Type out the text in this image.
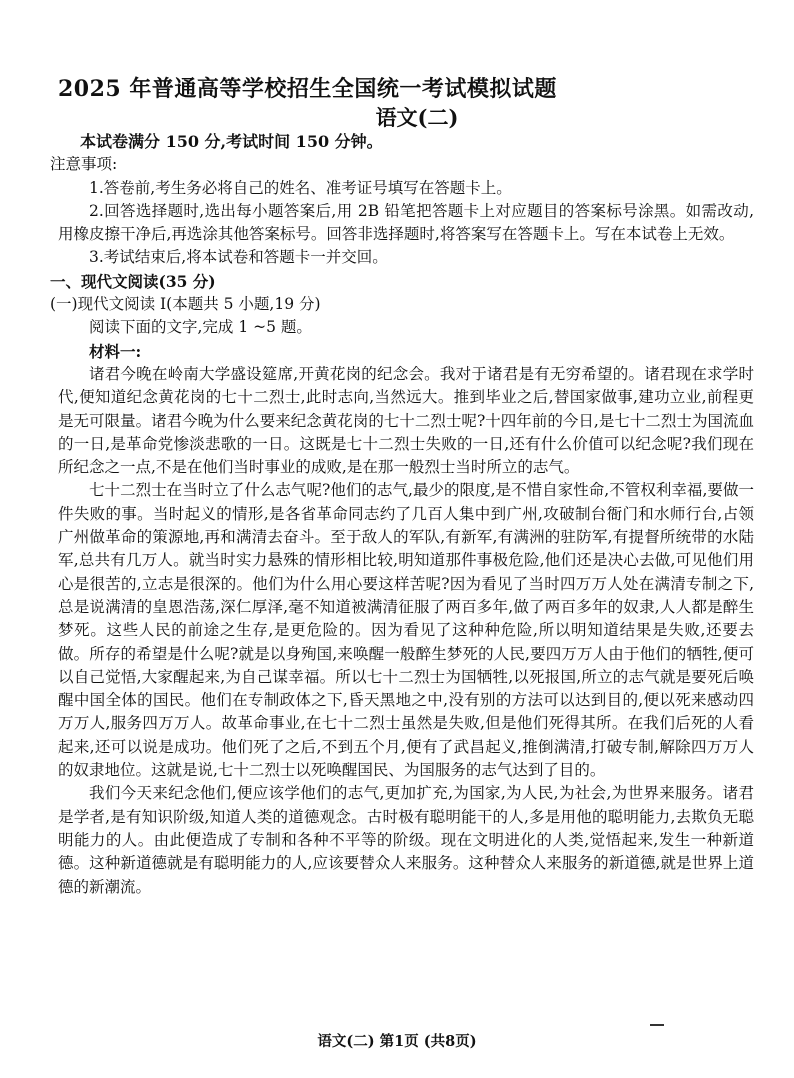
2025 年普通高等学校招生全国统一考试模拟试题
语文(二)

本试卷满分 150 分,考试时间 150 分钟。

注意事项:

1.答卷前,考生务必将自己的姓名、准考证号填写在答题卡上。

2.回答选择题时,选出每小题答案后,用 2B 铅笔把答题卡上对应题目的答案标号涂黑。如需改动,用橡皮擦干净后,再选涂其他答案标号。回答非选择题时,将答案写在答题卡上。写在本试卷上无效。

3.考试结束后,将本试卷和答题卡一并交回。

一、现代文阅读(35 分)

(一)现代文阅读 I(本题共 5 小题,19 分)

阅读下面的文字,完成 1 ~5 题。

材料一:

诸君今晚在岭南大学盛设筵席,开黄花岗的纪念会。我对于诸君是有无穷希望的。诸君现在求学时代,便知道纪念黄花岗的七十二烈士,此时志向,当然远大。推到毕业之后,替国家做事,建功立业,前程更是无可限量。诸君今晚为什么要来纪念黄花岗的七十二烈士呢?十四年前的今日,是七十二烈士为国流血的一日,是革命党惨淡悲歌的一日。这既是七十二烈士失败的一日,还有什么价值可以纪念呢?我们现在所纪念之一点,不是在他们当时事业的成败,是在那一般烈士当时所立的志气。

七十二烈士在当时立了什么志气呢?他们的志气,最少的限度,是不惜自家性命,不管权利幸福,要做一件失败的事。当时起义的情形,是各省革命同志约了几百人集中到广州,攻破制台衙门和水师行台,占领广州做革命的策源地,再和满清去奋斗。至于敌人的军队,有新军,有满洲的驻防军,有提督所统带的水陆军,总共有几万人。就当时实力悬殊的情形相比较,明知道那件事极危险,他们还是决心去做,可见他们用心是很苦的,立志是很深的。他们为什么用心要这样苦呢?因为看见了当时四万万人处在满清专制之下,总是说满清的皇恩浩荡,深仁厚泽,毫不知道被满清征服了两百多年,做了两百多年的奴隶,人人都是醉生梦死。这些人民的前途之生存,是更危险的。因为看见了这种种危险,所以明知道结果是失败,还要去做。所存的希望是什么呢?就是以身殉国,来唤醒一般醉生梦死的人民,要四万万人由于他们的牺牲,便可以自己觉悟,大家醒起来,为自己谋幸福。所以七十二烈士为国牺牲,以死报国,所立的志气就是要死后唤醒中国全体的国民。他们在专制政体之下,昏天黑地之中,没有别的方法可以达到目的,便以死来感动四万万人,服务四万万人。故革命事业,在七十二烈士虽然是失败,但是他们死得其所。在我们后死的人看起来,还可以说是成功。他们死了之后,不到五个月,便有了武昌起义,推倒满清,打破专制,解除四万万人的奴隶地位。这就是说,七十二烈士以死唤醒国民、为国服务的志气达到了目的。

我们今天来纪念他们,便应该学他们的志气,更加扩充,为国家,为人民,为社会,为世界来服务。诸君是学者,是有知识阶级,知道人类的道德观念。古时极有聪明能干的人,多是用他的聪明能力,去欺负无聪明能力的人。由此便造成了专制和各种不平等的阶级。现在文明进化的人类,觉悟起来,发生一种新道德。这种新道德就是有聪明能力的人,应该要替众人来服务。这种替众人来服务的新道德,就是世界上道德的新潮流。

语文(二) 第1页 (共8页)
